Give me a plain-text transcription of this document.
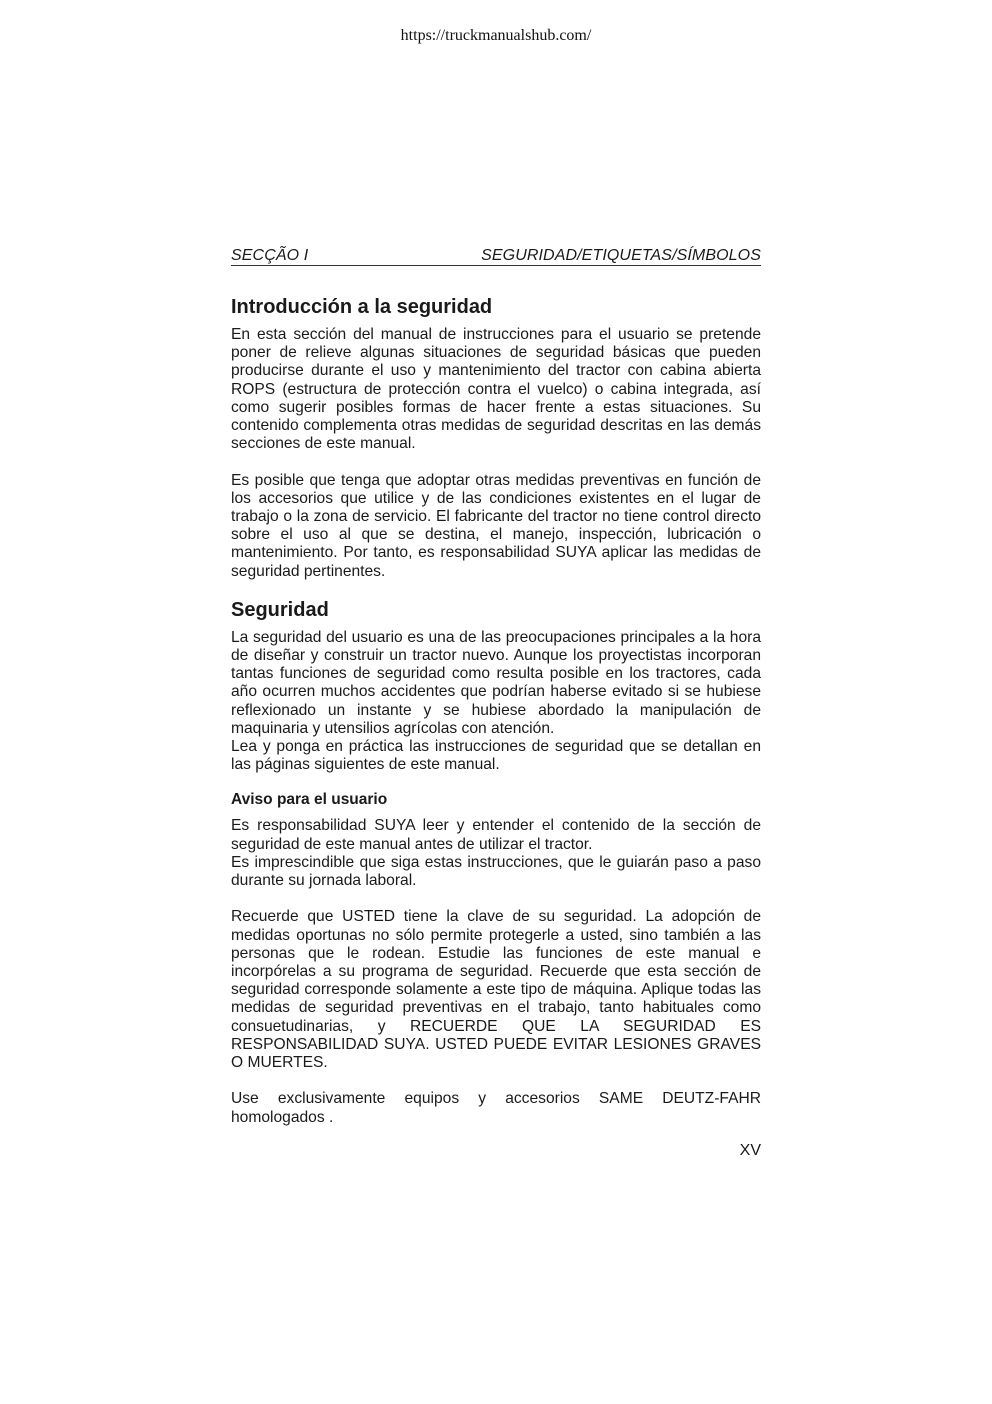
https://truckmanualshub.com/
SECÇÃO I	SEGURIDAD/ETIQUETAS/SÍMBOLOS
Introducción a la seguridad

En esta sección del manual de instrucciones para el usuario se pretende poner de relieve algunas situaciones de seguridad básicas que pueden producirse durante el uso y mantenimiento del tractor con cabina abierta ROPS (estructura de protección contra el vuelco) o cabina integrada, así como sugerir posibles formas de hacer frente a estas situaciones. Su contenido complementa otras medidas de seguridad descritas en las demás secciones de este manual.

Es posible que tenga que adoptar otras medidas preventivas en función de los accesorios que utilice y de las condiciones existentes en el lugar de trabajo o la zona de servicio. El fabricante del tractor no tiene control directo sobre el uso al que se destina, el manejo, inspección, lubricación o mantenimiento. Por tanto, es responsabilidad SUYA aplicar las medidas de seguridad pertinentes.

Seguridad

La seguridad del usuario es una de las preocupaciones principales a la hora de diseñar y construir un tractor nuevo. Aunque los proyectistas incorporan tantas funciones de seguridad como resulta posible en los tractores, cada año ocurren muchos accidentes que podrían haberse evitado si se hubiese reflexionado un instante y se hubiese abordado la manipulación de maquinaria y utensilios agrícolas con atención.

Lea y ponga en práctica las instrucciones de seguridad que se detallan en las páginas siguientes de este manual.

Aviso para el usuario

Es responsabilidad SUYA leer y entender el contenido de la sección de seguridad de este manual antes de utilizar el tractor.

Es imprescindible que siga estas instrucciones, que le guiarán paso a paso durante su jornada laboral.

Recuerde que USTED tiene la clave de su seguridad. La adopción de medidas oportunas no sólo permite protegerle a usted, sino también a las personas que le rodean. Estudie las funciones de este manual e incorpórelas a su programa de seguridad. Recuerde que esta sección de seguridad corresponde solamente a este tipo de máquina. Aplique todas las medidas de seguridad preventivas en el trabajo, tanto habituales como consuetudinarias, y RECUERDE QUE LA SEGURIDAD ES RESPONSABILIDAD SUYA. USTED PUEDE EVITAR LESIONES GRAVES O MUERTES.

Use exclusivamente equipos y accesorios SAME DEUTZ-FAHR homologados .

XV
